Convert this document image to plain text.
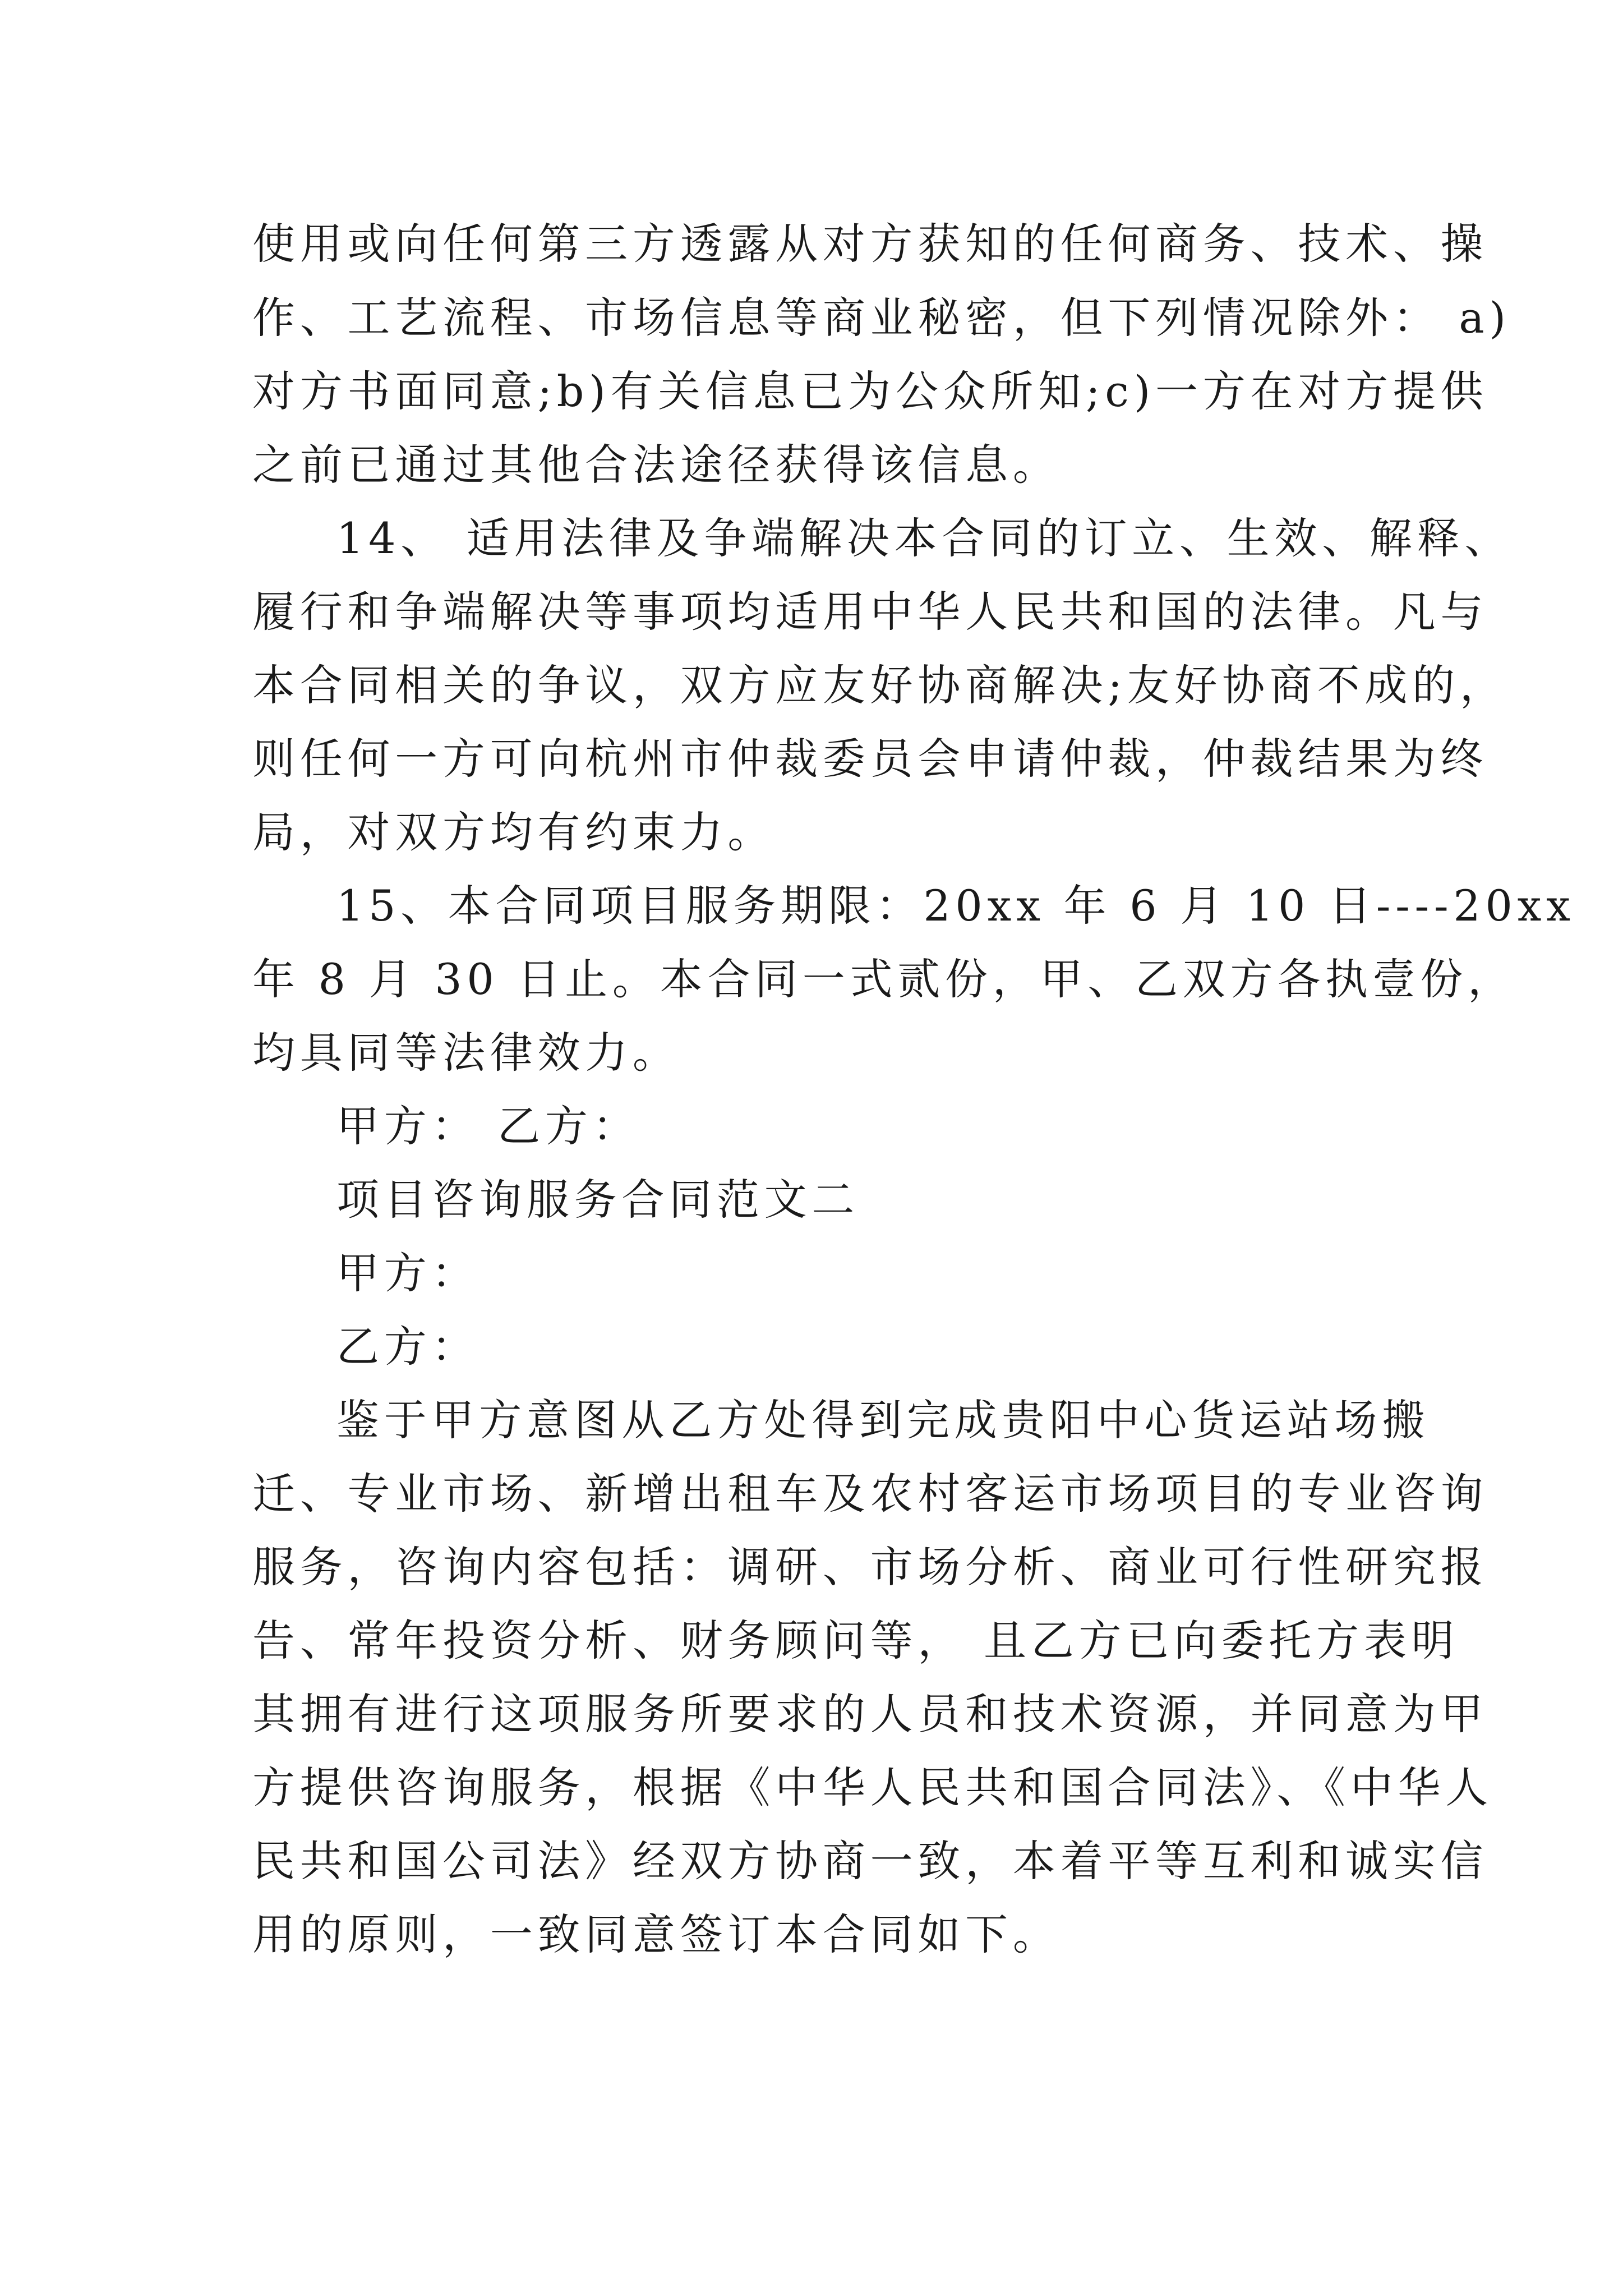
使用或向任何第三方透露从对方获知的任何商务、技术、操
作、工艺流程、市场信息等商业秘密，但下列情况除外： a)
对方书面同意;b)有关信息已为公众所知;c)一方在对方提供
之前已通过其他合法途径获得该信息。
14、 适用法律及争端解决本合同的订立、生效、解释、
履行和争端解决等事项均适用中华人民共和国的法律。凡与
本合同相关的争议，双方应友好协商解决;友好协商不成的，
则任何一方可向杭州市仲裁委员会申请仲裁，仲裁结果为终
局，对双方均有约束力。
15、本合同项目服务期限：20xx 年 6 月 10 日----20xx
年 8 月 30 日止。本合同一式贰份，甲、乙双方各执壹份，
均具同等法律效力。
甲方： 乙方：
项目咨询服务合同范文二
甲方：
乙方：
鉴于甲方意图从乙方处得到完成贵阳中心货运站场搬
迁、专业市场、新增出租车及农村客运市场项目的专业咨询
服务，咨询内容包括：调研、市场分析、商业可行性研究报
告、常年投资分析、财务顾问等， 且乙方已向委托方表明
其拥有进行这项服务所要求的人员和技术资源，并同意为甲
方提供咨询服务，根据《中华人民共和国合同法》、《中华人
民共和国公司法》经双方协商一致，本着平等互利和诚实信
用的原则，一致同意签订本合同如下。
